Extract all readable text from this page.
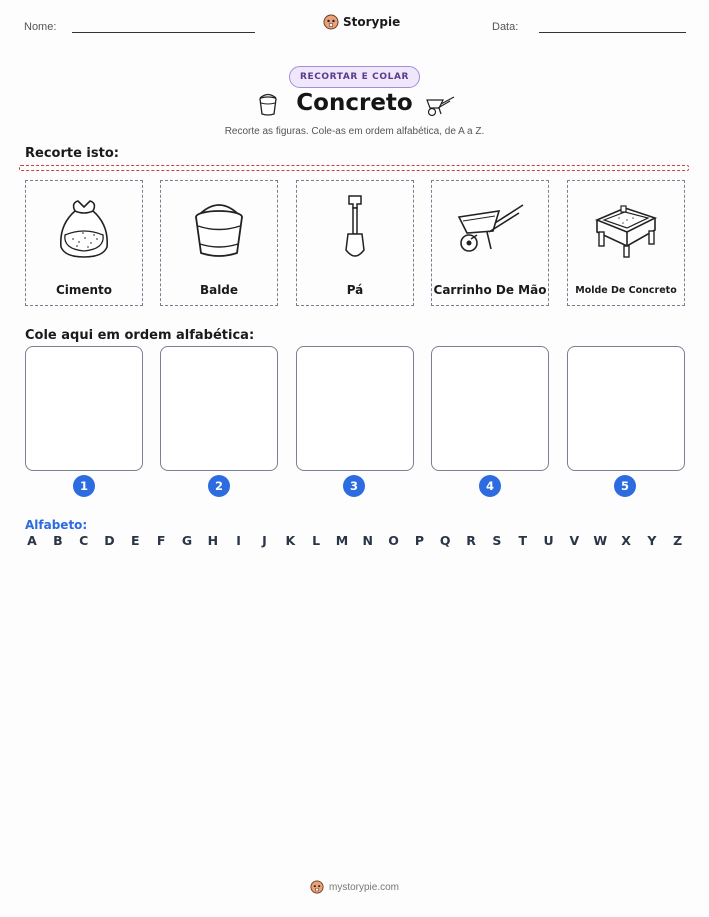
Nome:	Storypie	Data:
RECORTAR E COLAR
Concreto
Recorte as figuras. Cole-as em ordem alfabética, de A a Z.
Recorte isto:
Cimento	Balde	Pá	Carrinho De Mão	Molde De Concreto
Cole aqui em ordem alfabética:
1	2	3	4	5
Alfabeto:
A B C D E F G H	I	J	K L M N O P Q R S T U V W X Y Z
mystorypie.com
